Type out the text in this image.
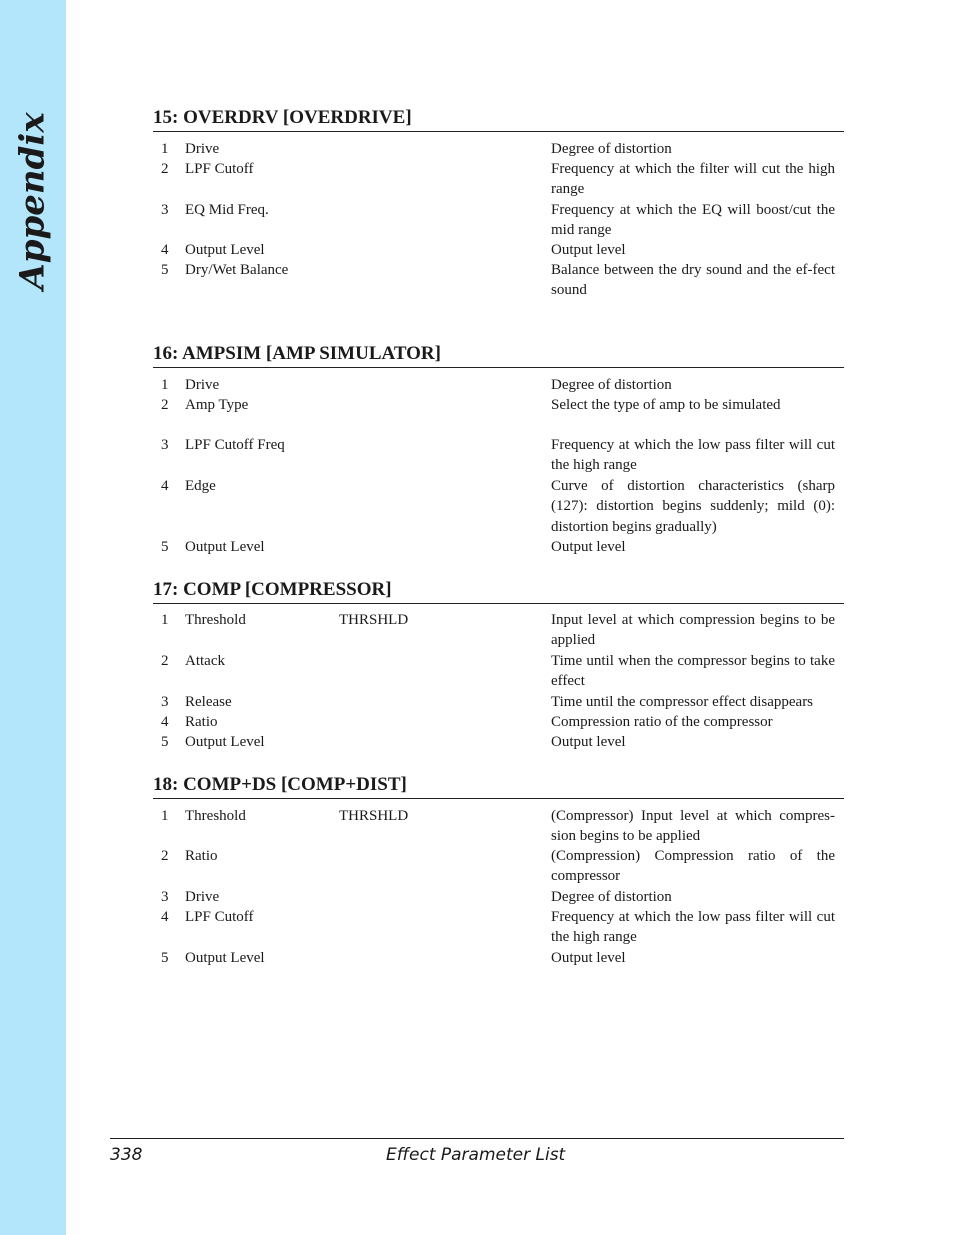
Appendix	15: OVERDRV [OVERDRIVE]
1 Drive	Degree of distortion
2 LPF Cutoff	Frequency at which the filter will cut the high range
3 EQ Mid Freq.	Frequency at which the EQ will boost/cut the mid range
4 Output Level	Output level
5 Dry/Wet Balance	Balance between the dry sound and the ef-fect sound
16: AMPSIM [AMP SIMULATOR]
1 Drive	Degree of distortion
2 Amp Type	Select the type of amp to be simulated
3 LPF Cutoff Freq	Frequency at which the low pass filter will cut the high range
4 Edge	Curve of distortion characteristics (sharp (127): distortion begins suddenly; mild (0): distortion begins gradually)
5 Output Level	Output level
17: COMP [COMPRESSOR]
1 Threshold	THRSHLD	Input level at which compression begins to be applied
2 Attack	Time until when the compressor begins to take effect
3 Release	Time until the compressor effect disappears
4 Ratio	Compression ratio of the compressor
5 Output Level	Output level
18: COMP+DS [COMP+DIST]
1 Threshold	THRSHLD	(Compressor) Input level at which compres-sion begins to be applied
2 Ratio	(Compression) Compression ratio of the compressor
3 Drive	Degree of distortion
4 LPF Cutoff	Frequency at which the low pass filter will cut the high range
5 Output Level	Output level
338	Effect Parameter List
